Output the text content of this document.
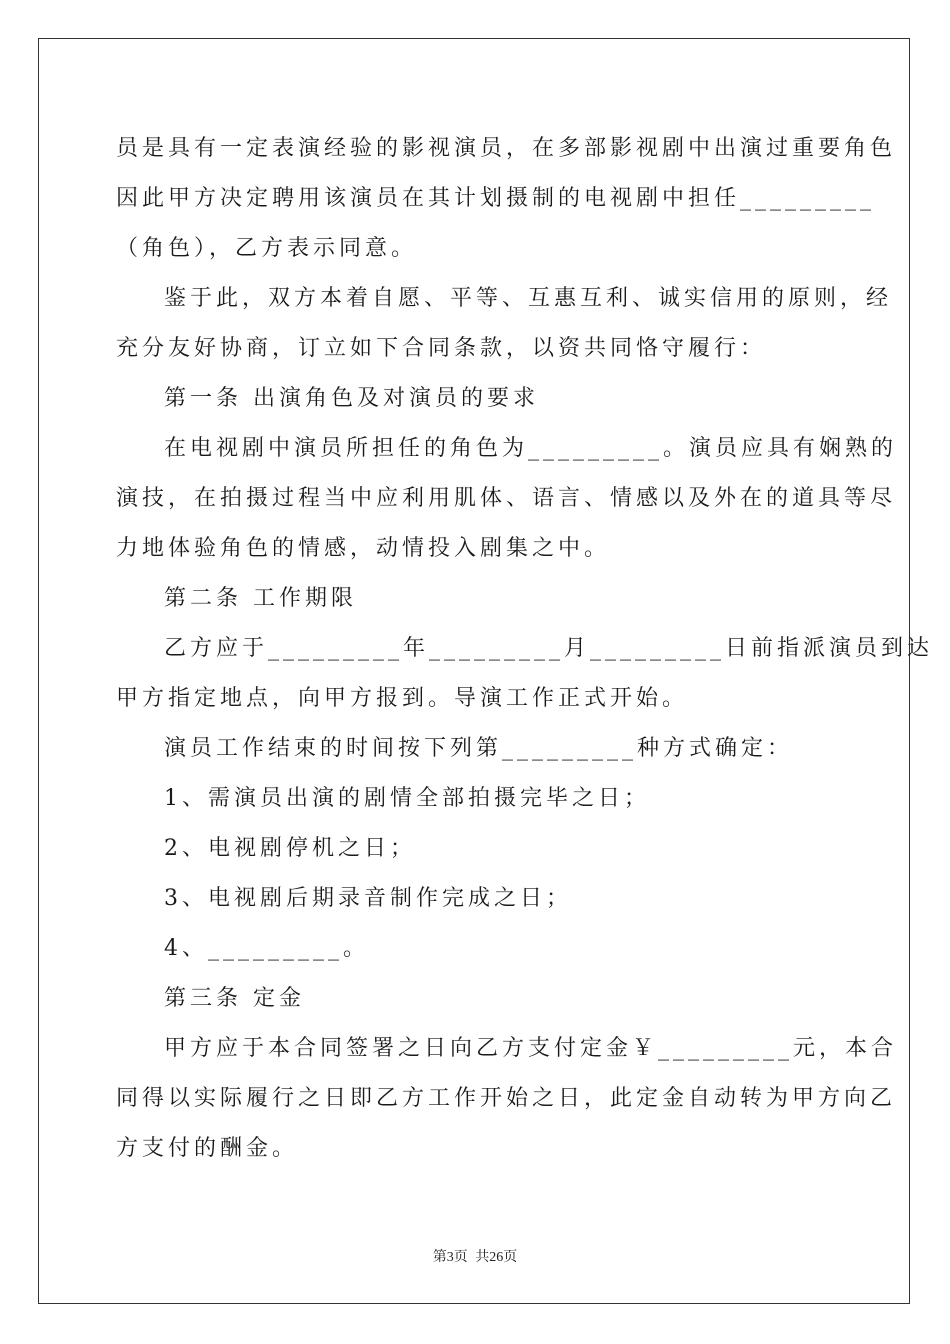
员是具有一定表演经验的影视演员，在多部影视剧中出演过重要角色
因此甲方决定聘用该演员在其计划摄制的电视剧中担任_________
（角色），乙方表示同意。
鉴于此，双方本着自愿、平等、互惠互利、诚实信用的原则，经
充分友好协商，订立如下合同条款，以资共同恪守履行：
第一条 出演角色及对演员的要求
在电视剧中演员所担任的角色为_________。演员应具有娴熟的
演技，在拍摄过程当中应利用肌体、语言、情感以及外在的道具等尽
力地体验角色的情感，动情投入剧集之中。
第二条 工作期限
乙方应于_________年_________月_________日前指派演员到达
甲方指定地点，向甲方报到。导演工作正式开始。
演员工作结束的时间按下列第_________种方式确定：
1、需演员出演的剧情全部拍摄完毕之日；
2、电视剧停机之日；
3、电视剧后期录音制作完成之日；
4、_________。
第三条 定金
甲方应于本合同签署之日向乙方支付定金￥_________元，本合
同得以实际履行之日即乙方工作开始之日，此定金自动转为甲方向乙
方支付的酬金。
第3页 共26页
